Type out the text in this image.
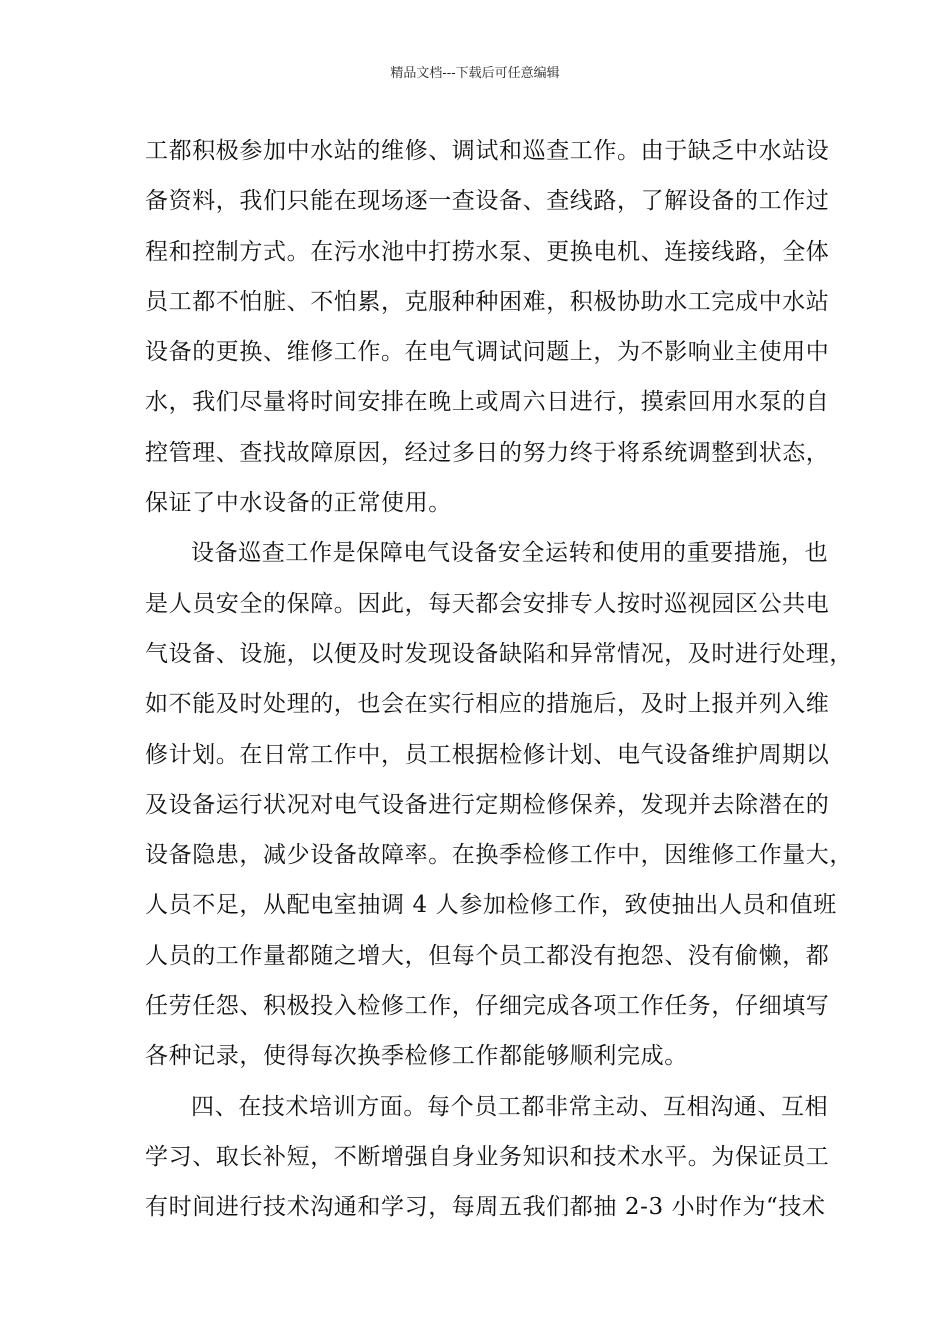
精品文档---下载后可任意编辑
工都积极参加中水站的维修、调试和巡查工作。由于缺乏中水站设
备资料，我们只能在现场逐一查设备、查线路，了解设备的工作过
程和控制方式。在污水池中打捞水泵、更换电机、连接线路，全体
员工都不怕脏、不怕累，克服种种困难，积极协助水工完成中水站
设备的更换、维修工作。在电气调试问题上，为不影响业主使用中
水，我们尽量将时间安排在晚上或周六日进行，摸索回用水泵的自
控管理、查找故障原因，经过多日的努力终于将系统调整到状态，
保证了中水设备的正常使用。
设备巡查工作是保障电气设备安全运转和使用的重要措施，也
是人员安全的保障。因此，每天都会安排专人按时巡视园区公共电
气设备、设施，以便及时发现设备缺陷和异常情况，及时进行处理，
如不能及时处理的，也会在实行相应的措施后，及时上报并列入维
修计划。在日常工作中，员工根据检修计划、电气设备维护周期以
及设备运行状况对电气设备进行定期检修保养，发现并去除潜在的
设备隐患，减少设备故障率。在换季检修工作中，因维修工作量大，
人员不足，从配电室抽调 4 人参加检修工作，致使抽出人员和值班
人员的工作量都随之增大，但每个员工都没有抱怨、没有偷懒，都
任劳任怨、积极投入检修工作，仔细完成各项工作任务，仔细填写
各种记录，使得每次换季检修工作都能够顺利完成。
四、在技术培训方面。每个员工都非常主动、互相沟通、互相
学习、取长补短，不断增强自身业务知识和技术水平。为保证员工
有时间进行技术沟通和学习，每周五我们都抽 2-3 小时作为“技术
